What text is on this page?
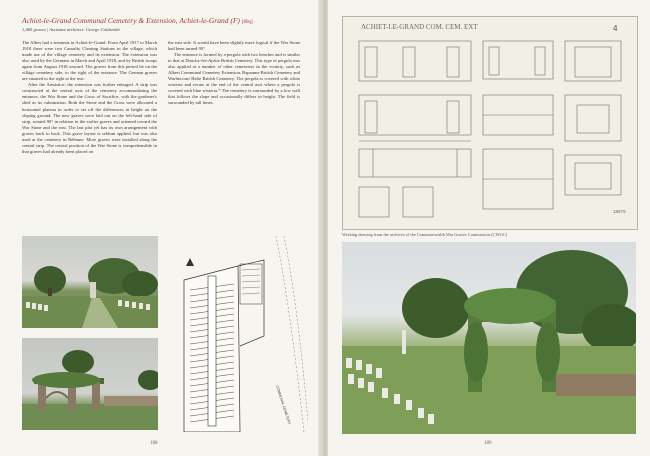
Achiet-le-Grand Communal Cemetery & Extension, Achiet-le-Grand (F) [80q]
1,465 graves | Assistant architect: George Goldsmith

The Allies had a terminus in Achiet-le-Grand. From April 1917 to March 1918 there were two Casualty Clearing Stations in the village, which made use of the village cemetery and its extension. The extension was also used by the Germans in March and April 1918, and by British troops again from August 1918 onward. The graves from this period lie on the village cemetery side, to the right of the entrance. The German graves are situated to the right at the rear.

After the Armistice, the extension was further enlarged. A strip was constructed at the central axis of the cemetery accommodating the entrance, the War Stone and the Cross of Sacrifice, with the gardener's shed as its culmination. Both the Stone and the Cross were allocated a horizontal plateau in order to set off the differences in height on the sloping ground. The new graves were laid out on the left-hand side of strip, rotated 90° in relation to the earlier graves and oriented toward the War Stone and the east. The last plot yet has its own arrangement with graves back to back. This grave layout is seldom applied, but was also used at the cemetery in Béthune. More graves were installed along the central strip. The central position of the War Stone is comprehensible in that graves had already been placed on

the east side. It would have been slightly more logical if the War Stone had been turned 90°.

The entrance is formed by a pergola with two benches and is similar to that at Douchy-les-Ayette British Cemetery. This type of pergola was also applied at a number of other cemeteries in the vicinity, such as Albert Communal Cemetery Extension, Bapaume British Cemetery and Warlincourt Halte British Cemetery. The pergola is covered with white wisteria and recurs at the end of the central axis where a pergola is covered with blue wisteria.* The cemetery is surrounded by a low wall that follows the slope and occasionally differs in height. The field is surrounded by tall limes.

COMMUNAL CEMETERY
188
ACHIET-LE-GRAND COM. CEM. EXT	4
18879
Working drawing from the archives of the Commonwealth War Graves Commission (CWGC)
189
